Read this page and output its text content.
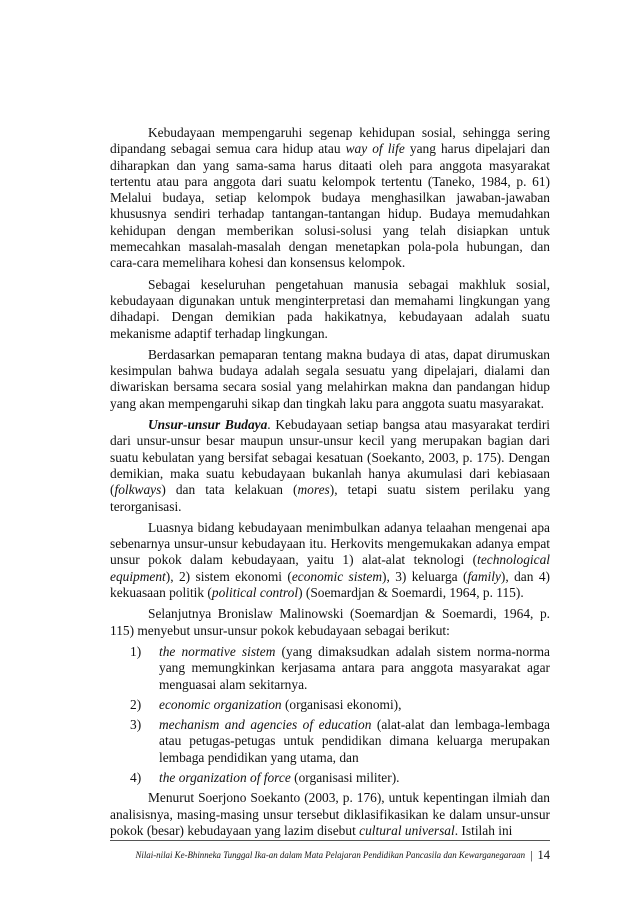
Kebudayaan mempengaruhi segenap kehidupan sosial, sehingga sering dipandang sebagai semua cara hidup atau way of life yang harus dipelajari dan diharapkan dan yang sama-sama harus ditaati oleh para anggota masyarakat tertentu atau para anggota dari suatu kelompok tertentu (Taneko, 1984, p. 61) Melalui budaya, setiap kelompok budaya menghasilkan jawaban-jawaban khususnya sendiri terhadap tantangan-tantangan hidup. Budaya memudahkan kehidupan dengan memberikan solusi-solusi yang telah disiapkan untuk memecahkan masalah-masalah dengan menetapkan pola-pola hubungan, dan cara-cara memelihara kohesi dan konsensus kelompok.

Sebagai keseluruhan pengetahuan manusia sebagai makhluk sosial, kebudayaan digunakan untuk menginterpretasi dan memahami lingkungan yang dihadapi. Dengan demikian pada hakikatnya, kebudayaan adalah suatu mekanisme adaptif terhadap lingkungan.

Berdasarkan pemaparan tentang makna budaya di atas, dapat dirumuskan kesimpulan bahwa budaya adalah segala sesuatu yang dipelajari, dialami dan diwariskan bersama secara sosial yang melahirkan makna dan pandangan hidup yang akan mempengaruhi sikap dan tingkah laku para anggota suatu masyarakat.

Unsur-unsur Budaya. Kebudayaan setiap bangsa atau masyarakat terdiri dari unsur-unsur besar maupun unsur-unsur kecil yang merupakan bagian dari suatu kebulatan yang bersifat sebagai kesatuan (Soekanto, 2003, p. 175). Dengan demikian, maka suatu kebudayaan bukanlah hanya akumulasi dari kebiasaan (folkways) dan tata kelakuan (mores), tetapi suatu sistem perilaku yang terorganisasi.

Luasnya bidang kebudayaan menimbulkan adanya telaahan mengenai apa sebenarnya unsur-unsur kebudayaan itu. Herkovits mengemukakan adanya empat unsur pokok dalam kebudayaan, yaitu 1) alat-alat teknologi (technological equipment), 2) sistem ekonomi (economic sistem), 3) keluarga (family), dan 4) kekuasaan politik (political control) (Soemardjan & Soemardi, 1964, p. 115).

Selanjutnya Bronislaw Malinowski (Soemardjan & Soemardi, 1964, p. 115) menyebut unsur-unsur pokok kebudayaan sebagai berikut:

1) the normative sistem (yang dimaksudkan adalah sistem norma-norma yang memungkinkan kerjasama antara para anggota masyarakat agar menguasai alam sekitarnya.
2) economic organization (organisasi ekonomi),
3) mechanism and agencies of education (alat-alat dan lembaga-lembaga atau petugas-petugas untuk pendidikan dimana keluarga merupakan lembaga pendidikan yang utama, dan
4) the organization of force (organisasi militer).

Menurut Soerjono Soekanto (2003, p. 176), untuk kepentingan ilmiah dan analisisnya, masing-masing unsur tersebut diklasifikasikan ke dalam unsur-unsur pokok (besar) kebudayaan yang lazim disebut cultural universal. Istilah ini

Nilai-nilai Ke-Bhinneka Tunggal Ika-an dalam Mata Pelajaran Pendidikan Pancasila dan Kewarganegaraan | 14
